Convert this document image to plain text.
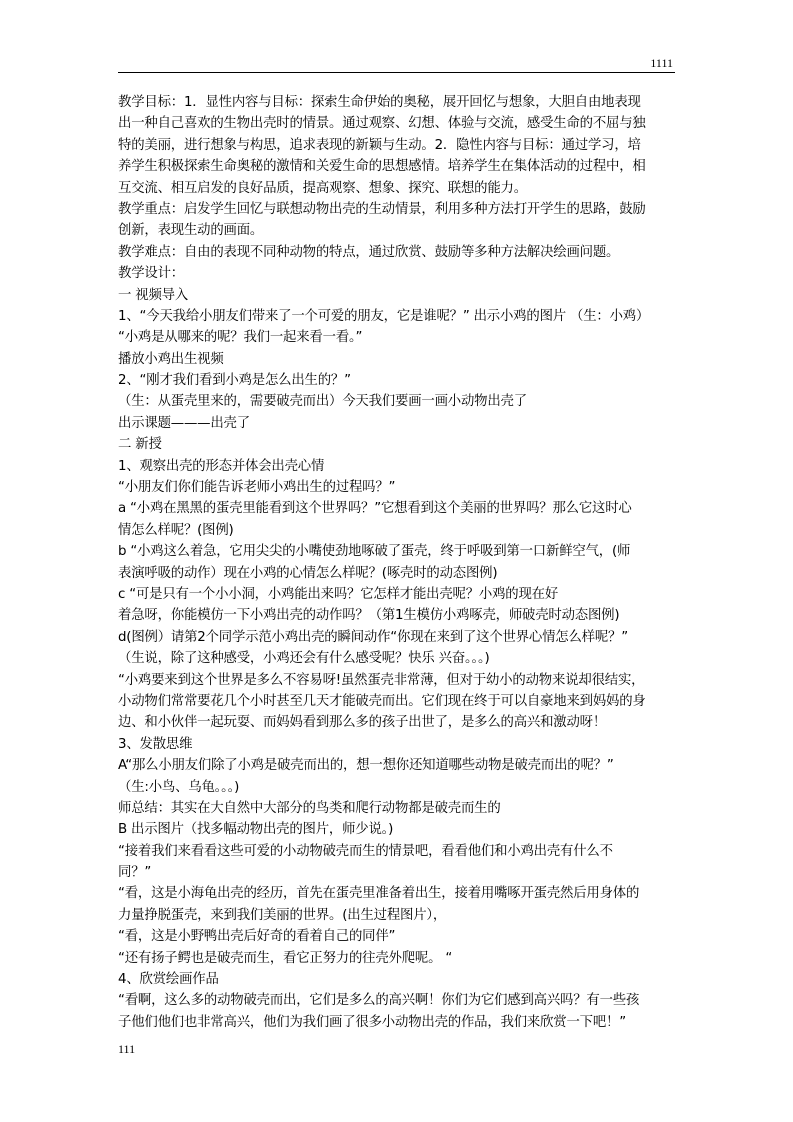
1111
教学目标：1．显性内容与目标：探索生命伊始的奥秘，展开回忆与想象，大胆自由地表现
出一种自己喜欢的生物出壳时的情景。通过观察、幻想、体验与交流，感受生命的不屈与独
特的美丽，进行想象与构思，追求表现的新颖与生动。2．隐性内容与目标：通过学习，培
养学生积极探索生命奥秘的激情和关爱生命的思想感情。培养学生在集体活动的过程中，相
互交流、相互启发的良好品质，提高观察、想象、探究、联想的能力。
教学重点：启发学生回忆与联想动物出壳的生动情景，利用多种方法打开学生的思路，鼓励
创新，表现生动的画面。
教学难点：自由的表现不同种动物的特点，通过欣赏、鼓励等多种方法解决绘画问题。
教学设计：
一 视频导入
1、“今天我给小朋友们带来了一个可爱的朋友，它是谁呢？” 出示小鸡的图片 （生：小鸡）
“小鸡是从哪来的呢？我们一起来看一看。”
播放小鸡出生视频
2、“刚才我们看到小鸡是怎么出生的？”
（生：从蛋壳里来的，需要破壳而出）今天我们要画一画小动物出壳了
出示课题———出壳了
二 新授
1、观察出壳的形态并体会出壳心情
“小朋友们你们能告诉老师小鸡出生的过程吗？”
a “小鸡在黑黑的蛋壳里能看到这个世界吗？”它想看到这个美丽的世界吗？那么它这时心
情怎么样呢？(图例)
b “小鸡这么着急，它用尖尖的小嘴使劲地啄破了蛋壳，终于呼吸到第一口新鲜空气，(师
表演呼吸的动作）现在小鸡的心情怎么样呢？(啄壳时的动态图例)
c “可是只有一个小小洞，小鸡能出来吗？它怎样才能出壳呢？小鸡的现在好
着急呀，你能模仿一下小鸡出壳的动作吗？（第1生模仿小鸡啄壳，师破壳时动态图例)
d(图例）请第2个同学示范小鸡出壳的瞬间动作“你现在来到了这个世界心情怎么样呢？”
（生说，除了这种感受，小鸡还会有什么感受呢？快乐 兴奋。。。)
“小鸡要来到这个世界是多么不容易呀!虽然蛋壳非常薄，但对于幼小的动物来说却很结实，
小动物们常常要花几个小时甚至几天才能破壳而出。它们现在终于可以自豪地来到妈妈的身
边、和小伙伴一起玩耍、而妈妈看到那么多的孩子出世了，是多么的高兴和激动呀！
3、发散思维
A“那么小朋友们除了小鸡是破壳而出的，想一想你还知道哪些动物是破壳而出的呢？”
（生:小鸟、乌龟。。。)
师总结：其实在大自然中大部分的鸟类和爬行动物都是破壳而生的
B 出示图片（找多幅动物出壳的图片，师少说。)
“接着我们来看看这些可爱的小动物破壳而生的情景吧，看看他们和小鸡出壳有什么不
同？”
“看，这是小海龟出壳的经历，首先在蛋壳里准备着出生，接着用嘴啄开蛋壳然后用身体的
力量挣脱蛋壳，来到我们美丽的世界。(出生过程图片），
“看，这是小野鸭出壳后好奇的看着自己的同伴”
“还有扬子鳄也是破壳而生，看它正努力的往壳外爬呢。 “
4、欣赏绘画作品
“看啊，这么多的动物破壳而出，它们是多么的高兴啊！你们为它们感到高兴吗？有一些孩
子他们他们也非常高兴，他们为我们画了很多小动物出壳的作品，我们来欣赏一下吧！”
111
